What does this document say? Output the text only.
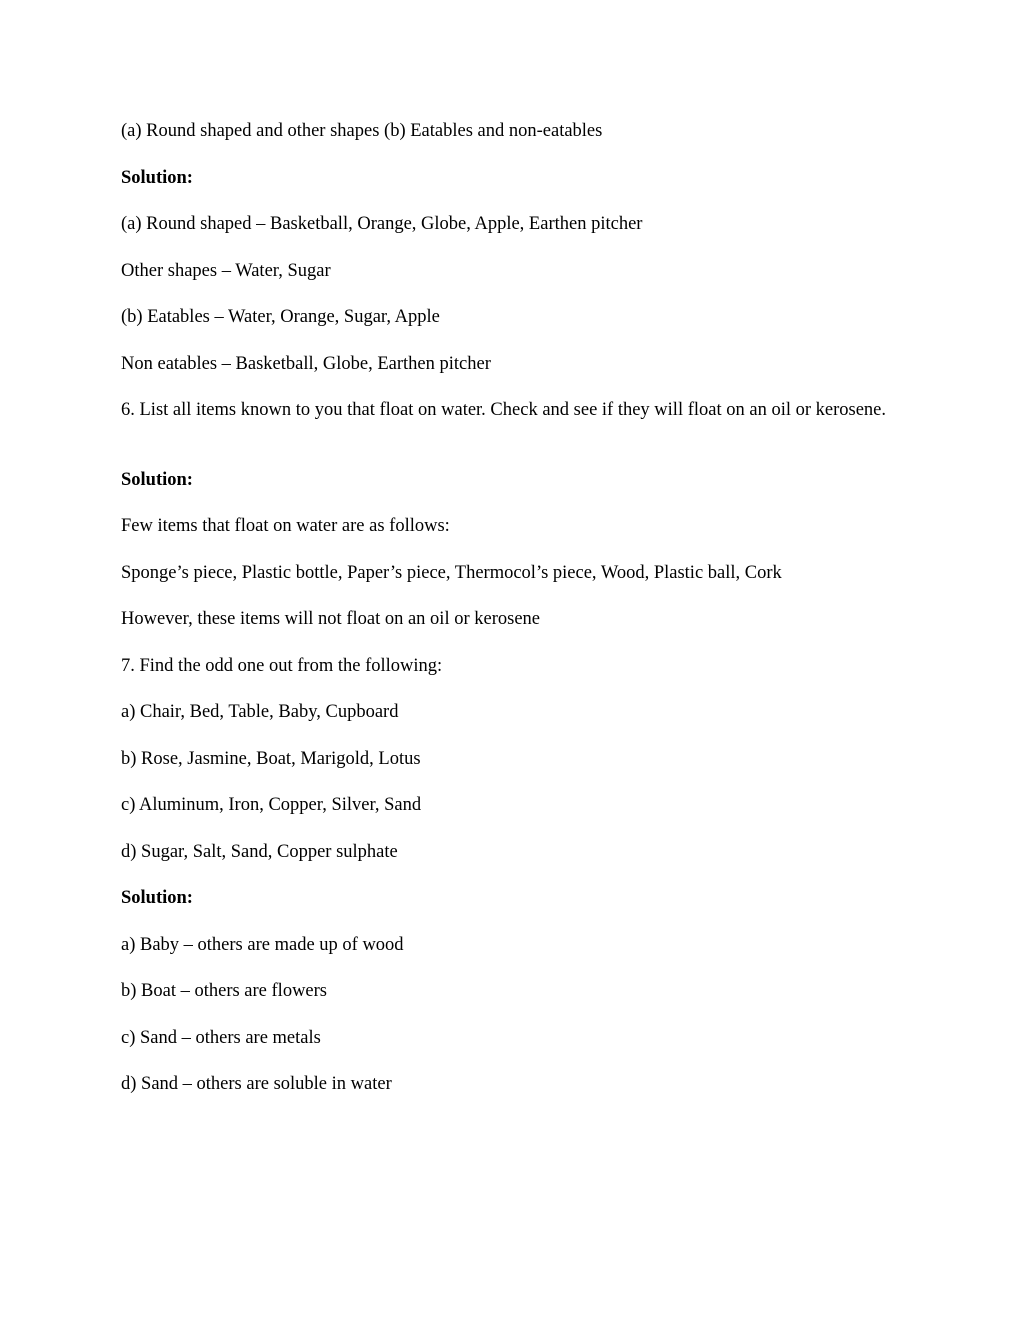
(a) Round shaped and other shapes (b) Eatables and non-eatables

Solution:

(a) Round shaped – Basketball, Orange, Globe, Apple, Earthen pitcher

Other shapes – Water, Sugar

(b) Eatables – Water, Orange, Sugar, Apple

Non eatables – Basketball, Globe, Earthen pitcher

6. List all items known to you that float on water. Check and see if they will float on an oil or kerosene.

Solution:

Few items that float on water are as follows:

Sponge’s piece, Plastic bottle, Paper’s piece, Thermocol’s piece, Wood, Plastic ball, Cork

However, these items will not float on an oil or kerosene

7. Find the odd one out from the following:

a) Chair, Bed, Table, Baby, Cupboard

b) Rose, Jasmine, Boat, Marigold, Lotus

c) Aluminum, Iron, Copper, Silver, Sand

d) Sugar, Salt, Sand, Copper sulphate

Solution:

a) Baby – others are made up of wood

b) Boat – others are flowers

c) Sand – others are metals

d) Sand – others are soluble in water
